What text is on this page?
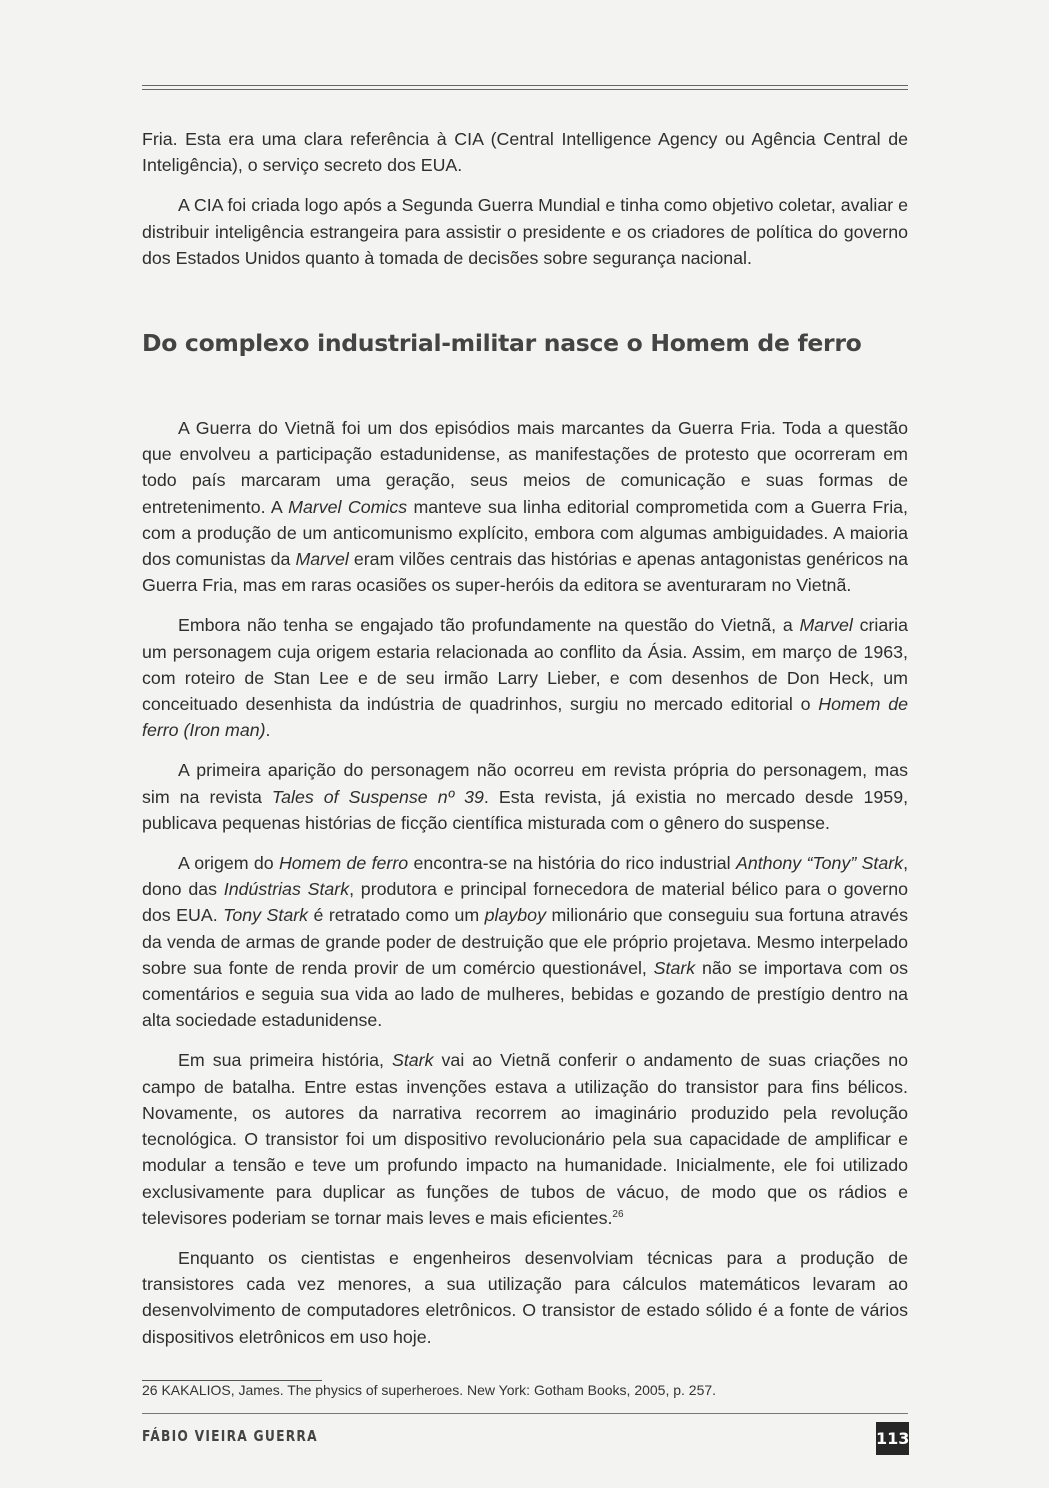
Fria. Esta era uma clara referência à CIA (Central Intelligence Agency ou Agência Central de Inteligência), o serviço secreto dos EUA.

A CIA foi criada logo após a Segunda Guerra Mundial e tinha como objetivo coletar, avaliar e distribuir inteligência estrangeira para assistir o presidente e os criadores de política do governo dos Estados Unidos quanto à tomada de decisões sobre segurança nacional.

Do complexo industrial-militar nasce o Homem de ferro

A Guerra do Vietnã foi um dos episódios mais marcantes da Guerra Fria. Toda a questão que envolveu a participação estadunidense, as manifestações de protesto que ocorreram em todo país marcaram uma geração, seus meios de comunicação e suas formas de entretenimento. A Marvel Comics manteve sua linha editorial comprometida com a Guerra Fria, com a produção de um anticomunismo explícito, embora com algumas ambiguidades. A maioria dos comunistas da Marvel eram vilões centrais das histórias e apenas antagonistas genéricos na Guerra Fria, mas em raras ocasiões os super-heróis da editora se aventuraram no Vietnã.

Embora não tenha se engajado tão profundamente na questão do Vietnã, a Marvel criaria um personagem cuja origem estaria relacionada ao conflito da Ásia. Assim, em março de 1963, com roteiro de Stan Lee e de seu irmão Larry Lieber, e com desenhos de Don Heck, um conceituado desenhista da indústria de quadrinhos, surgiu no mercado editorial o Homem de ferro (Iron man).

A primeira aparição do personagem não ocorreu em revista própria do personagem, mas sim na revista Tales of Suspense nº 39. Esta revista, já existia no mercado desde 1959, publicava pequenas histórias de ficção científica misturada com o gênero do suspense.

A origem do Homem de ferro encontra-se na história do rico industrial Anthony “Tony” Stark, dono das Indústrias Stark, produtora e principal fornecedora de material bélico para o governo dos EUA. Tony Stark é retratado como um playboy milionário que conseguiu sua fortuna através da venda de armas de grande poder de destruição que ele próprio projetava. Mesmo interpelado sobre sua fonte de renda provir de um comércio questionável, Stark não se importava com os comentários e seguia sua vida ao lado de mulheres, bebidas e gozando de prestígio dentro na alta sociedade estadunidense.

Em sua primeira história, Stark vai ao Vietnã conferir o andamento de suas criações no campo de batalha. Entre estas invenções estava a utilização do transistor para fins bélicos. Novamente, os autores da narrativa recorrem ao imaginário produzido pela revolução tecnológica. O transistor foi um dispositivo revolucionário pela sua capacidade de amplificar e modular a tensão e teve um profundo impacto na humanidade. Inicialmente, ele foi utilizado exclusivamente para duplicar as funções de tubos de vácuo, de modo que os rádios e televisores poderiam se tornar mais leves e mais eficientes.$^{26}$

Enquanto os cientistas e engenheiros desenvolviam técnicas para a produção de transistores cada vez menores, a sua utilização para cálculos matemáticos levaram ao desenvolvimento de computadores eletrônicos. O transistor de estado sólido é a fonte de vários dispositivos eletrônicos em uso hoje.

26 KAKALIOS, James. The physics of superheroes. New York: Gotham Books, 2005, p. 257.
FÁBIO VIEIRA GUERRA	113
